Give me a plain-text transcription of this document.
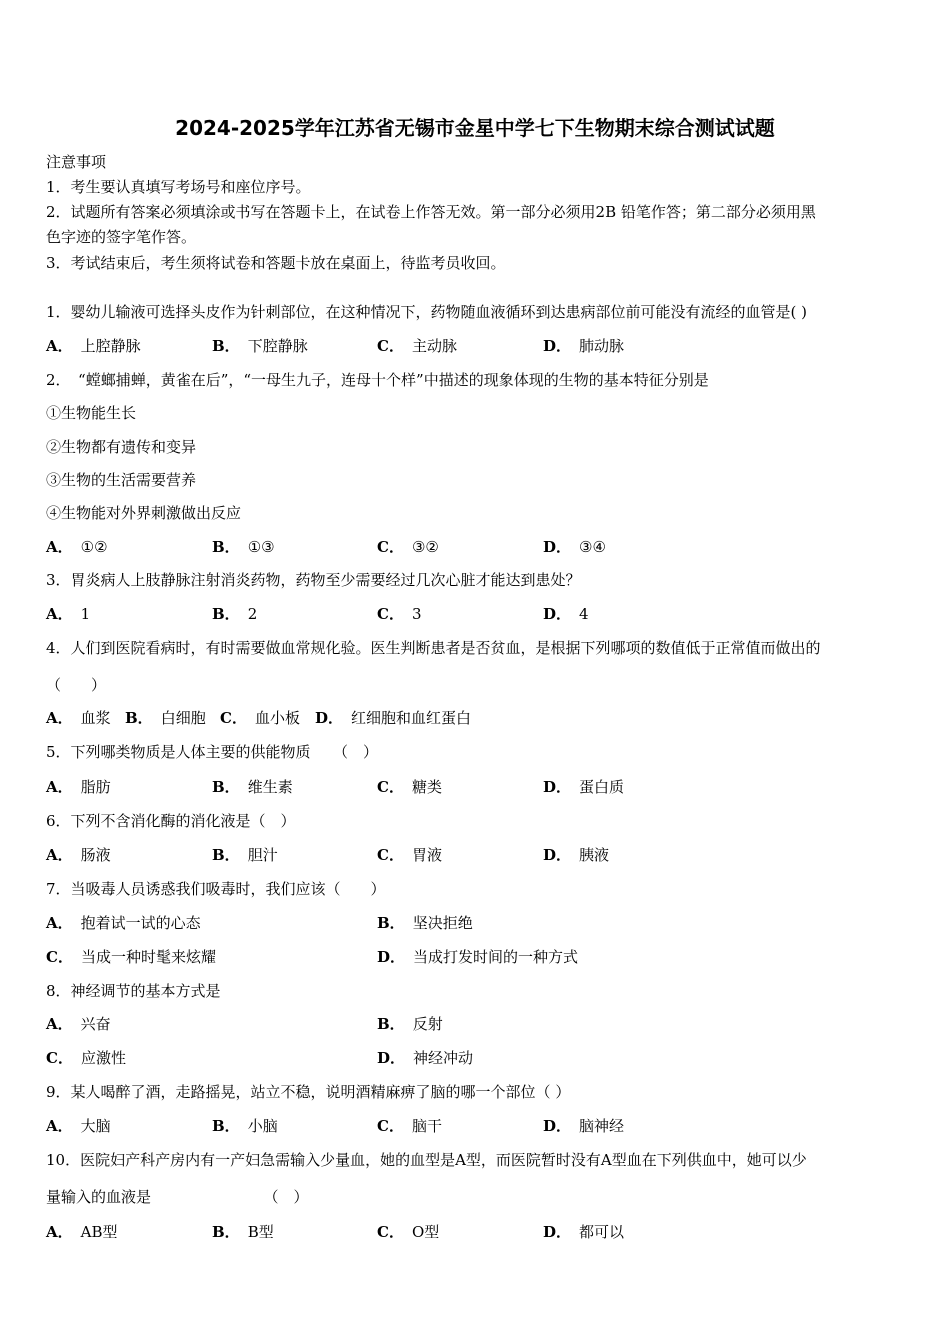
2024-2025学年江苏省无锡市金星中学七下生物期末综合测试试题
注意事项
1．考生要认真填写考场号和座位序号。
2．试题所有答案必须填涂或书写在答题卡上，在试卷上作答无效。第一部分必须用2B 铅笔作答；第二部分必须用黑
色字迹的签字笔作答。
3．考试结束后，考生须将试卷和答题卡放在桌面上，待监考员收回。
1．婴幼儿输液可选择头皮作为针刺部位，在这种情况下，药物随血液循环到达患病部位前可能没有流经的血管是( )
A． 上腔静脉	B． 下腔静脉	C． 主动脉	D． 肺动脉
2．　“螳螂捕蝉，黄雀在后”，“一母生九子，连母十个样”中描述的现象体现的生物的基本特征分别是
①生物能生长
②生物都有遗传和变异
③生物的生活需要营养
④生物能对外界刺激做出反应
A． ①②	B． ①③	C． ③②	D． ③④
3．胃炎病人上肢静脉注射消炎药物，药物至少需要经过几次心脏才能达到患处？
A． 1	B． 2	C． 3	D． 4
4．人们到医院看病时，有时需要做血常规化验。医生判断患者是否贫血，是根据下列哪项的数值低于正常值而做出的
（　　）
A． 血浆 B． 白细胞 C． 血小板 D． 红细胞和血红蛋白
5．下列哪类物质是人体主要的供能物质　　（　）
A． 脂肪	B． 维生素	C． 糖类	D． 蛋白质
6．下列不含消化酶的消化液是（　）
A． 肠液	B． 胆汁	C． 胃液	D． 胰液
7．当吸毒人员诱惑我们吸毒时，我们应该（　　）
A． 抱着试一试的心态	B． 坚决拒绝
C． 当成一种时髦来炫耀	D． 当成打发时间的一种方式
8．神经调节的基本方式是
A． 兴奋	B． 反射
C． 应激性	D． 神经冲动
9．某人喝醉了酒，走路摇晃，站立不稳，说明酒精麻痹了脑的哪一个部位（ ）
A． 大脑	B． 小脑	C． 脑干	D． 脑神经
10．医院妇产科产房内有一产妇急需输入少量血，她的血型是A型，而医院暂时没有A型血在下列供血中，她可以少
量输入的血液是　　　　　　　　（　）
A． AB型	B． B型	C． O型	D． 都可以
